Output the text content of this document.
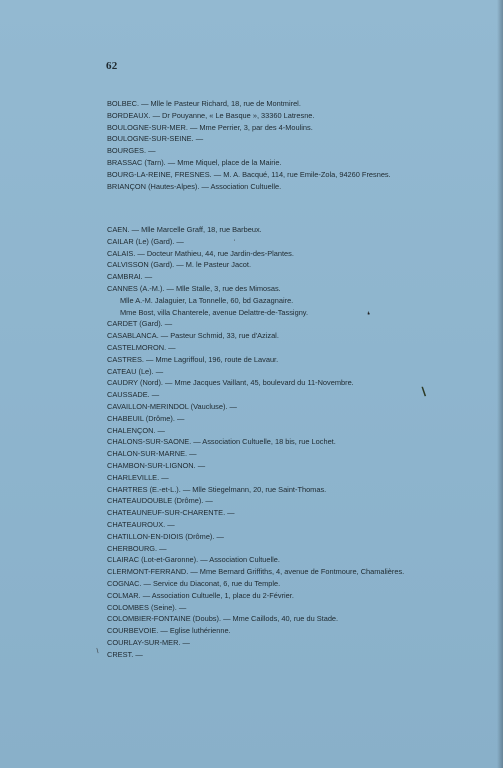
62
BOLBEC. — Mlle le Pasteur Richard, 18, rue de Montmirel.
BORDEAUX. — Dr Pouyanne, « Le Basque », 33360 Latresne.
BOULOGNE-SUR-MER. — Mme Perrier, 3, par des 4-Moulins.
BOULOGNE-SUR-SEINE. —
BOURGES. —
BRASSAC (Tarn). — Mme Miquel, place de la Mairie.
BOURG-LA-REINE, FRESNES. — M. A. Bacqué, 114, rue Emile-Zola, 94260 Fresnes.
BRIANÇON (Hautes-Alpes). — Association Cultuelle.
CAEN. — Mlle Marcelle Graff, 18, rue Barbeux.
CAILAR (Le) (Gard). —
CALAIS. — Docteur Mathieu, 44, rue Jardin-des-Plantes.
CALVISSON (Gard). — M. le Pasteur Jacot.
CAMBRAI. —
CANNES (A.-M.). — Mlle Stalle, 3, rue des Mimosas.
Mlle A.-M. Jalaguier, La Tonnelle, 60, bd Gazagnaire.
Mme Bost, villa Chanterele, avenue Delattre-de-Tassigny.
CARDET (Gard). —
CASABLANCA. — Pasteur Schmid, 33, rue d'Azizal.
CASTELMORON. —
CASTRES. — Mme Lagriffoul, 196, route de Lavaur.
CATEAU (Le). —
CAUDRY (Nord). — Mme Jacques Vaillant, 45, boulevard du 11-Novembre.
CAUSSADE. —
CAVAILLON-MERINDOL (Vaucluse). —
CHABEUIL (Drôme). —
CHALENÇON. —
CHALONS-SUR-SAONE. — Association Cultuelle, 18 bis, rue Lochet.
CHALON-SUR-MARNE. —
CHAMBON-SUR-LIGNON. —
CHARLEVILLE. —
CHARTRES (E.-et-L.). — Mlle Stiegelmann, 20, rue Saint-Thomas.
CHATEAUDOUBLE (Drôme). —
CHATEAUNEUF-SUR-CHARENTE. —
CHATEAUROUX. —
CHATILLON-EN-DIOIS (Drôme). —
CHERBOURG. —
CLAIRAC (Lot-et-Garonne). — Association Cultuelle.
CLERMONT-FERRAND. — Mme Bernard Griffiths, 4, avenue de Fontmoure, Chamalières.
COGNAC. — Service du Diaconat, 6, rue du Temple.
COLMAR. — Association Cultuelle, 1, place du 2-Février.
COLOMBES (Seine). —
COLOMBIER-FONTAINE (Doubs). — Mme Caillods, 40, rue du Stade.
COURBEVOIE. — Eglise luthérienne.
COURLAY-SUR-MER. —
CREST. —
'
❛
\
/
